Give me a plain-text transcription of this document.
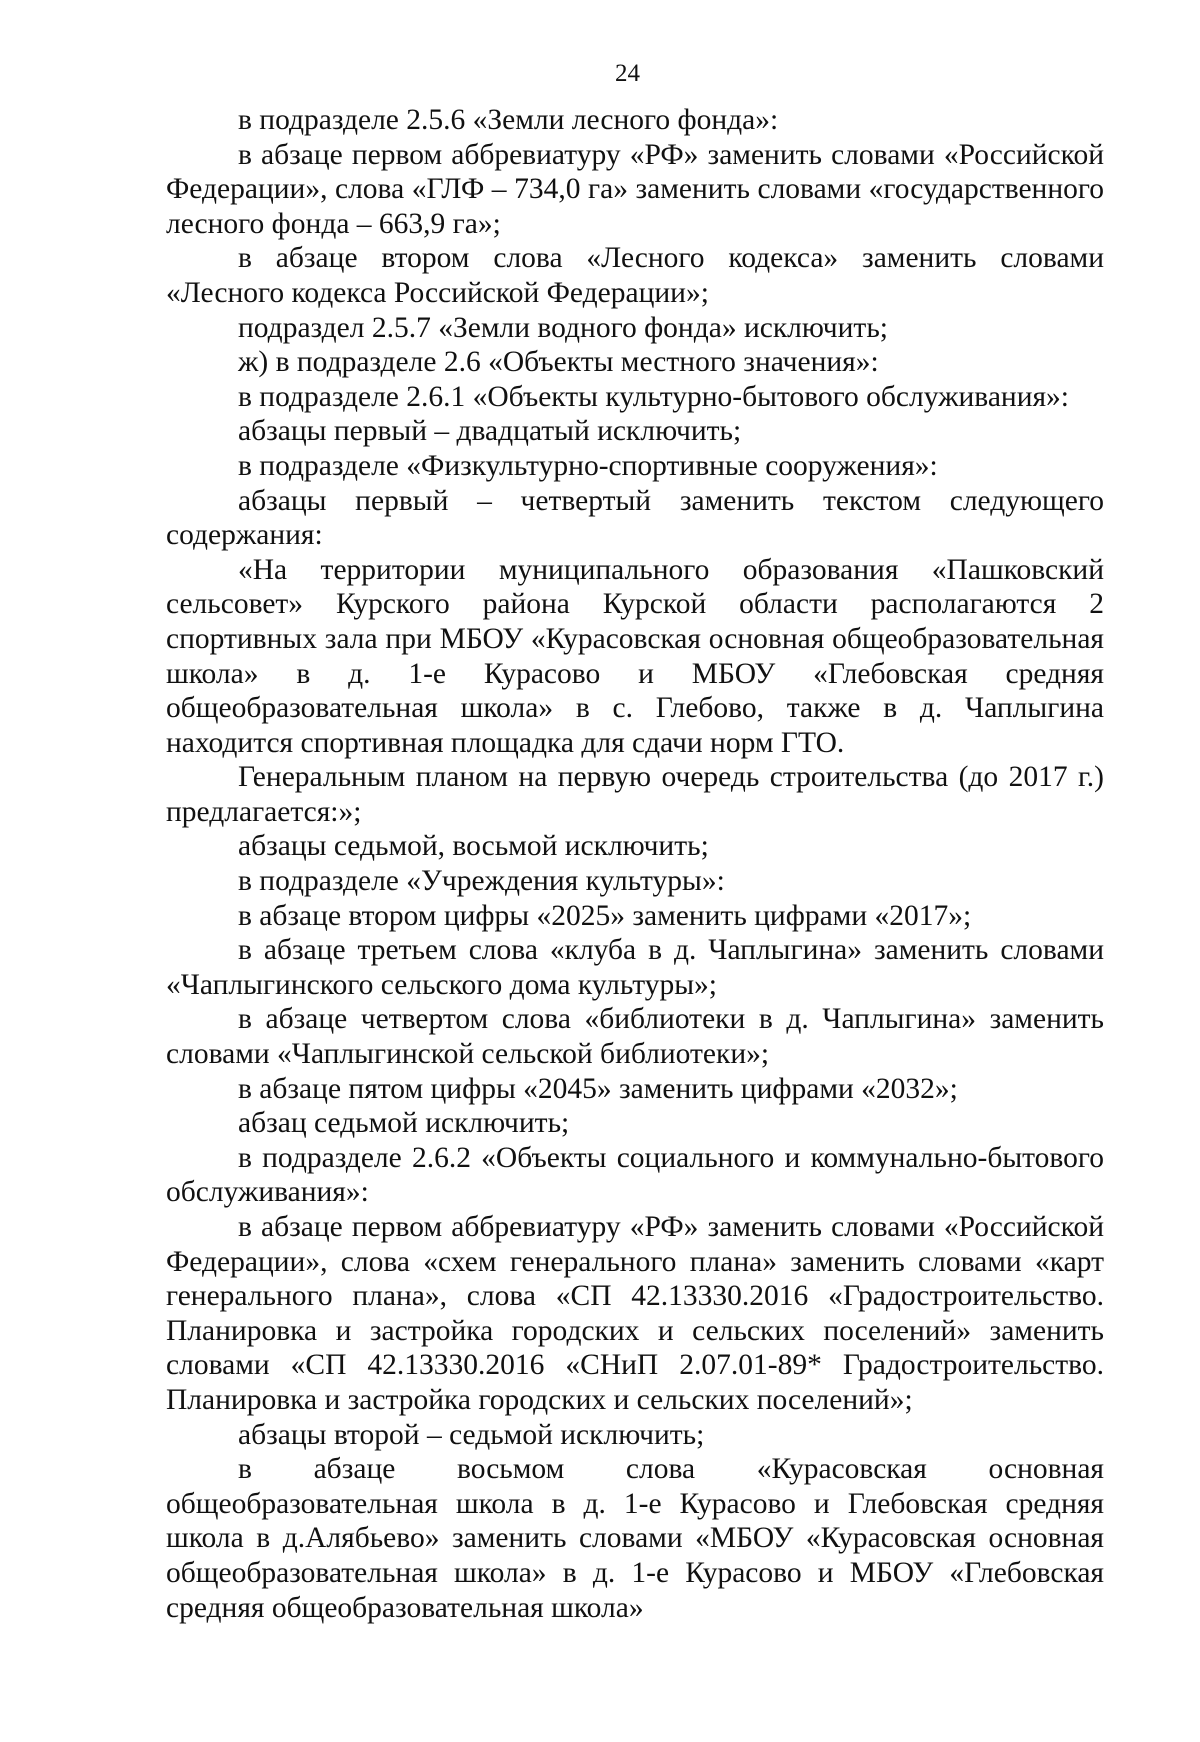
24

в подразделе 2.5.6 «Земли лесного фонда»:

в абзаце первом аббревиатуру «РФ» заменить словами «Российской Федерации», слова «ГЛФ – 734,0 га» заменить словами «государственного лесного фонда – 663,9 га»;

в абзаце втором слова «Лесного кодекса» заменить словами «Лесного кодекса Российской Федерации»;

подраздел 2.5.7 «Земли водного фонда» исключить;

ж) в подразделе 2.6 «Объекты местного значения»:

в подразделе 2.6.1 «Объекты культурно-бытового обслуживания»:

абзацы первый – двадцатый исключить;

в подразделе «Физкультурно-спортивные сооружения»:

абзацы первый – четвертый заменить текстом следующего содержания:

«На территории муниципального образования «Пашковский сельсовет» Курского района Курской области располагаются 2 спортивных зала при МБОУ «Курасовская основная общеобразовательная школа» в д. 1-е Курасово и МБОУ «Глебовская средняя общеобразовательная школа» в с. Глебово, также в д. Чаплыгина находится спортивная площадка для сдачи норм ГТО.

Генеральным планом на первую очередь строительства (до 2017 г.) предлагается:»;

абзацы седьмой, восьмой исключить;

в подразделе «Учреждения культуры»:

в абзаце втором цифры «2025» заменить цифрами «2017»;

в абзаце третьем слова «клуба в д. Чаплыгина» заменить словами «Чаплыгинского сельского дома культуры»;

в абзаце четвертом слова «библиотеки в д. Чаплыгина» заменить словами «Чаплыгинской сельской библиотеки»;

в абзаце пятом цифры «2045» заменить цифрами «2032»;

абзац седьмой исключить;

в подразделе 2.6.2 «Объекты социального и коммунально-бытового обслуживания»:

в абзаце первом аббревиатуру «РФ» заменить словами «Российской Федерации», слова «схем генерального плана» заменить словами «карт генерального плана», слова «СП 42.13330.2016 «Градостроительство. Планировка и застройка городских и сельских поселений» заменить словами «СП 42.13330.2016 «СНиП 2.07.01-89* Градостроительство. Планировка и застройка городских и сельских поселений»;

абзацы второй – седьмой исключить;

в абзаце восьмом слова «Курасовская основная общеобразовательная школа в д. 1-е Курасово и Глебовская средняя школа в д.Алябьево» заменить словами «МБОУ «Курасовская основная общеобразовательная школа» в д. 1-е Курасово и МБОУ «Глебовская средняя общеобразовательная школа»
